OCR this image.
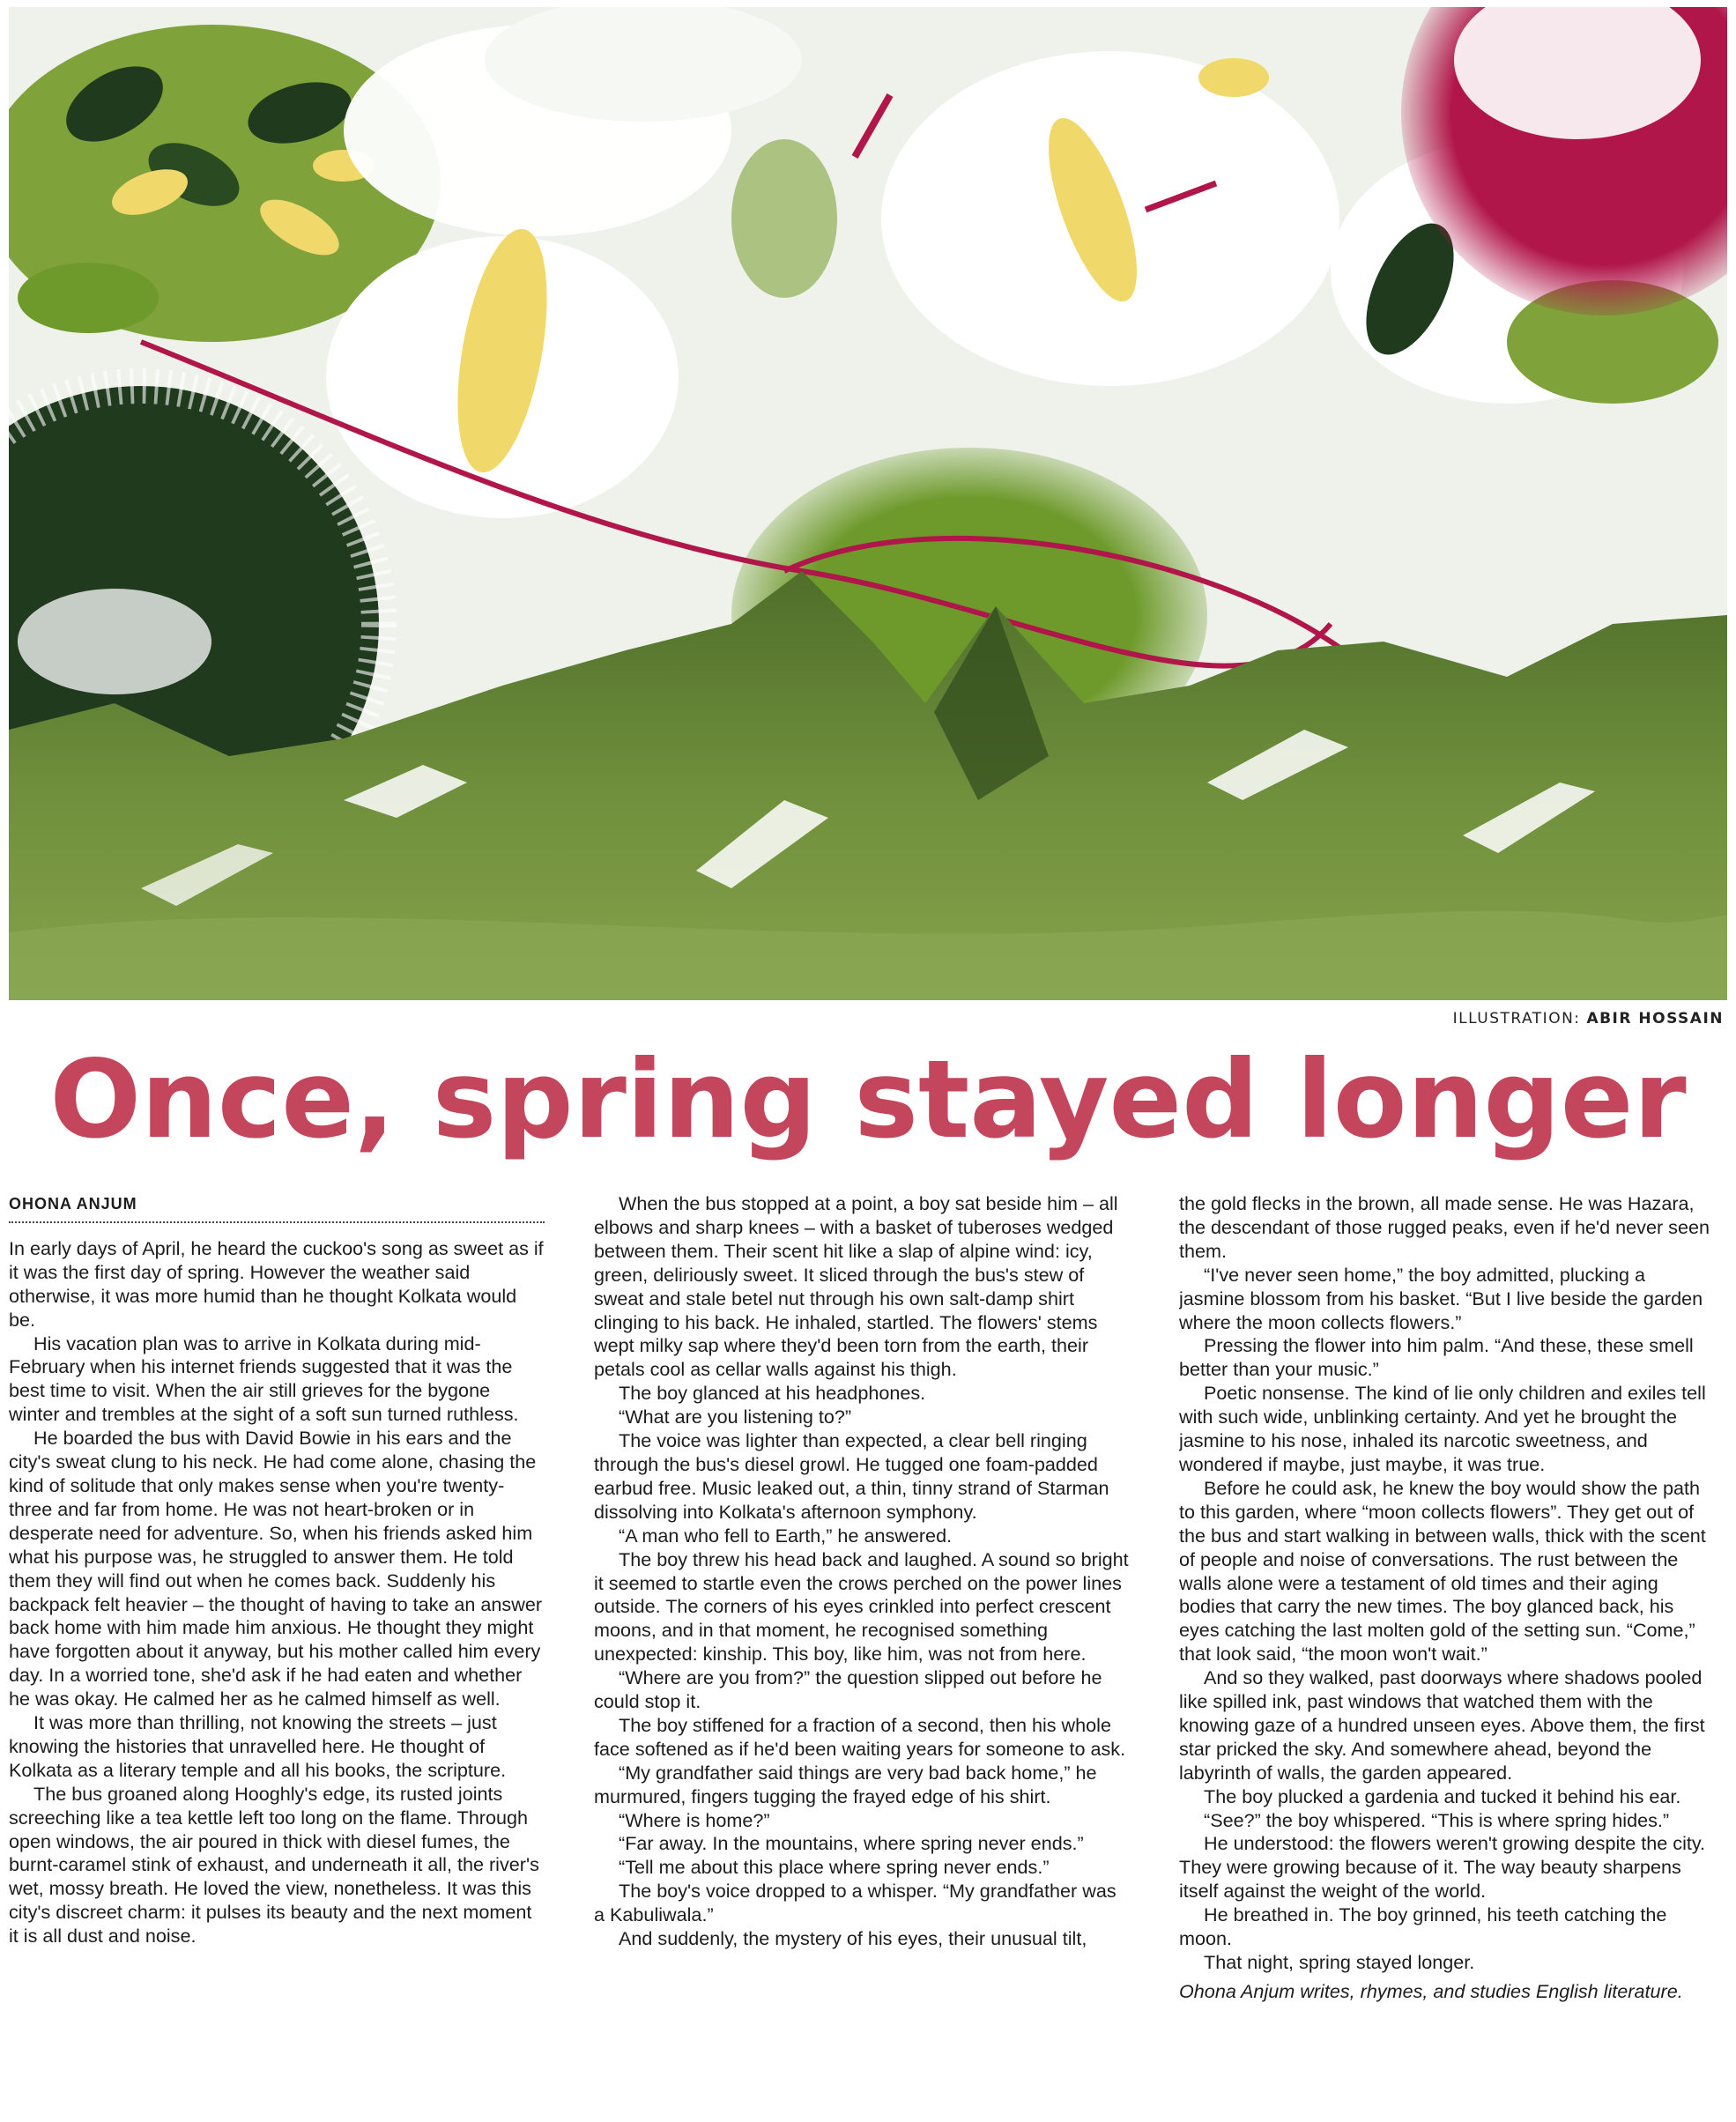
ILLUSTRATION: ABIR HOSSAIN
Once, spring stayed longer
OHONA ANJUM

In early days of April, he heard the cuckoo's song as sweet as if it was the first day of spring. However the weather said otherwise, it was more humid than he thought Kolkata would be.

His vacation plan was to arrive in Kolkata during mid-February when his internet friends suggested that it was the best time to visit. When the air still grieves for the bygone winter and trembles at the sight of a soft sun turned ruthless.

He boarded the bus with David Bowie in his ears and the city's sweat clung to his neck. He had come alone, chasing the kind of solitude that only makes sense when you're twenty-three and far from home. He was not heart-broken or in desperate need for adventure. So, when his friends asked him what his purpose was, he struggled to answer them. He told them they will find out when he comes back. Suddenly his backpack felt heavier – the thought of having to take an answer back home with him made him anxious. He thought they might have forgotten about it anyway, but his mother called him every day. In a worried tone, she'd ask if he had eaten and whether he was okay. He calmed her as he calmed himself as well.

It was more than thrilling, not knowing the streets – just knowing the histories that unravelled here. He thought of Kolkata as a literary temple and all his books, the scripture.

The bus groaned along Hooghly's edge, its rusted joints screeching like a tea kettle left too long on the flame. Through open windows, the air poured in thick with diesel fumes, the burnt-caramel stink of exhaust, and underneath it all, the river's wet, mossy breath. He loved the view, nonetheless. It was this city's discreet charm: it pulses its beauty and the next moment it is all dust and noise.

When the bus stopped at a point, a boy sat beside him – all elbows and sharp knees – with a basket of tuberoses wedged between them. Their scent hit like a slap of alpine wind: icy, green, deliriously sweet. It sliced through the bus's stew of sweat and stale betel nut through his own salt-damp shirt clinging to his back. He inhaled, startled. The flowers' stems wept milky sap where they'd been torn from the earth, their petals cool as cellar walls against his thigh.

The boy glanced at his headphones.

“What are you listening to?”

The voice was lighter than expected, a clear bell ringing through the bus's diesel growl. He tugged one foam-padded earbud free. Music leaked out, a thin, tinny strand of Starman dissolving into Kolkata's afternoon symphony.

“A man who fell to Earth,” he answered.

The boy threw his head back and laughed. A sound so bright it seemed to startle even the crows perched on the power lines outside. The corners of his eyes crinkled into perfect crescent moons, and in that moment, he recognised something unexpected: kinship. This boy, like him, was not from here.

“Where are you from?” the question slipped out before he could stop it.

The boy stiffened for a fraction of a second, then his whole face softened as if he'd been waiting years for someone to ask.

“My grandfather said things are very bad back home,” he murmured, fingers tugging the frayed edge of his shirt.

“Where is home?”

“Far away. In the mountains, where spring never ends.”

“Tell me about this place where spring never ends.”

The boy's voice dropped to a whisper. “My grandfather was a Kabuliwala.”

And suddenly, the mystery of his eyes, their unusual tilt,

the gold flecks in the brown, all made sense. He was Hazara, the descendant of those rugged peaks, even if he'd never seen them.

“I've never seen home,” the boy admitted, plucking a jasmine blossom from his basket. “But I live beside the garden where the moon collects flowers.”

Pressing the flower into him palm. “And these, these smell better than your music.”

Poetic nonsense. The kind of lie only children and exiles tell with such wide, unblinking certainty. And yet he brought the jasmine to his nose, inhaled its narcotic sweetness, and wondered if maybe, just maybe, it was true.

Before he could ask, he knew the boy would show the path to this garden, where “moon collects flowers”. They get out of the bus and start walking in between walls, thick with the scent of people and noise of conversations. The rust between the walls alone were a testament of old times and their aging bodies that carry the new times. The boy glanced back, his eyes catching the last molten gold of the setting sun. “Come,” that look said, “the moon won't wait.”

And so they walked, past doorways where shadows pooled like spilled ink, past windows that watched them with the knowing gaze of a hundred unseen eyes. Above them, the first star pricked the sky. And somewhere ahead, beyond the labyrinth of walls, the garden appeared.

The boy plucked a gardenia and tucked it behind his ear.

“See?” the boy whispered. “This is where spring hides.”

He understood: the flowers weren't growing despite the city. They were growing because of it. The way beauty sharpens itself against the weight of the world.

He breathed in. The boy grinned, his teeth catching the moon.

That night, spring stayed longer.

Ohona Anjum writes, rhymes, and studies English literature.
